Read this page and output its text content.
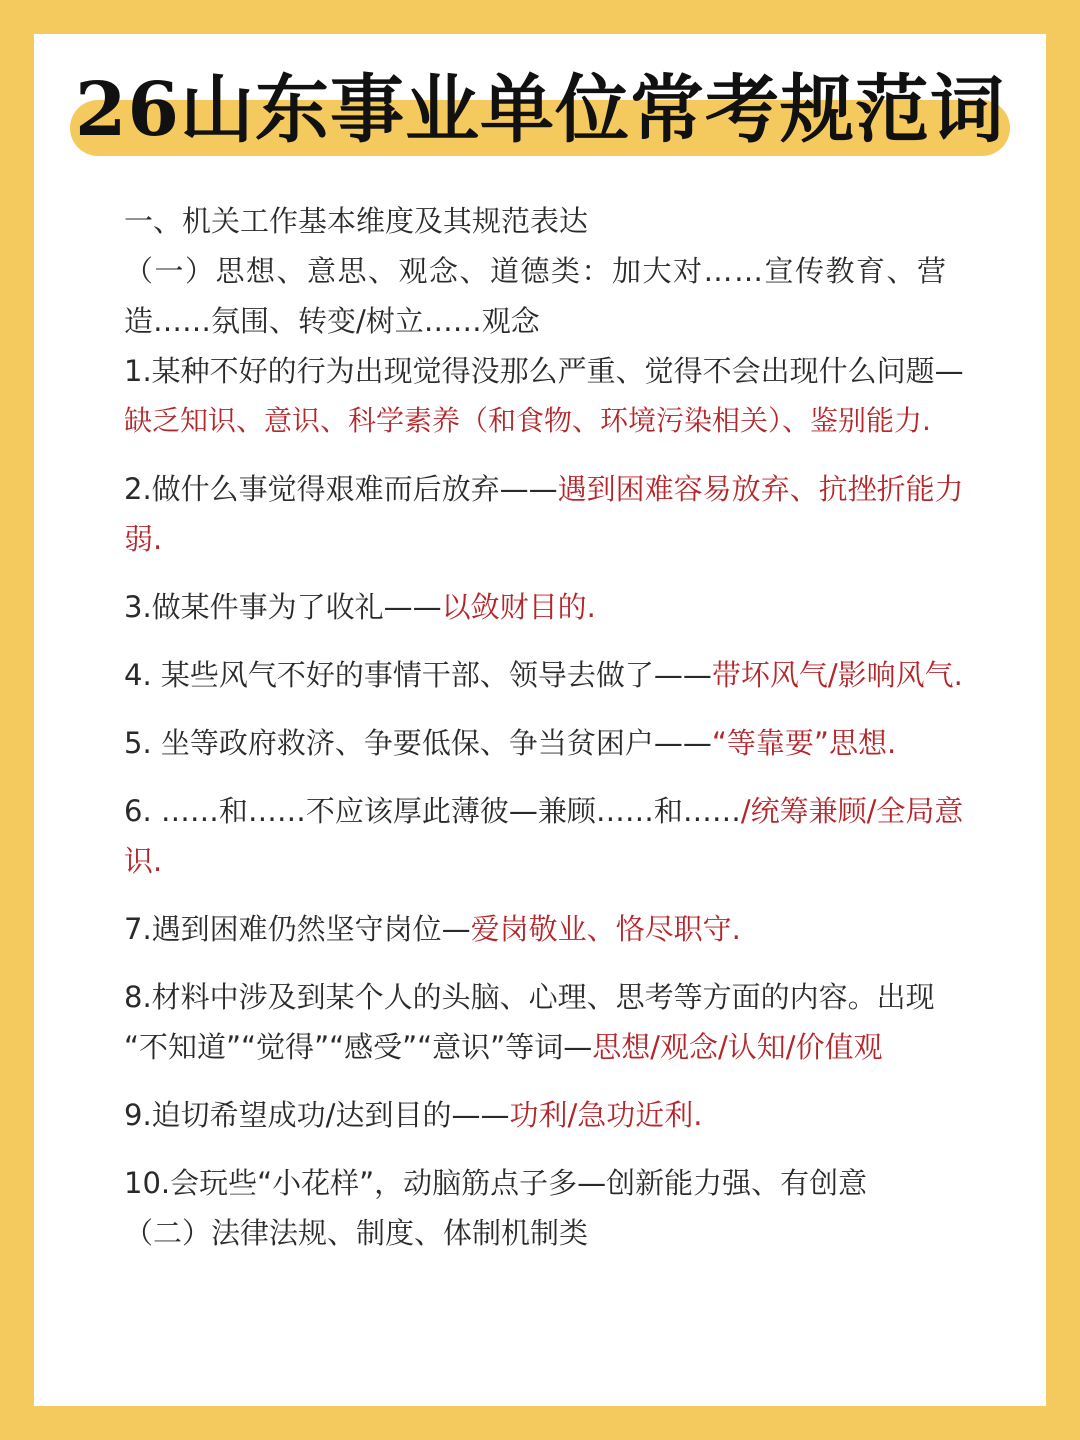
26山东事业单位常考规范词
一、机关工作基本维度及其规范表达
（一）思想、意思、观念、道德类：加大对……宣传教育、营
造……氛围、转变/树立……观念
1.某种不好的行为出现觉得没那么严重、觉得不会出现什么问题—
缺乏知识、意识、科学素养（和食物、环境污染相关）、鉴别能力.
2.做什么事觉得艰难而后放弃——遇到困难容易放弃、抗挫折能力
弱.
3.做某件事为了收礼——以敛财目的.
4. 某些风气不好的事情干部、领导去做了——带坏风气/影响风气.
5. 坐等政府救济、争要低保、争当贫困户——“等靠要”思想.
6. ……和……不应该厚此薄彼—兼顾……和……/统筹兼顾/全局意
识.
7.遇到困难仍然坚守岗位—爱岗敬业、恪尽职守.
8.材料中涉及到某个人的头脑、心理、思考等方面的内容。出现
“不知道”“觉得”“感受”“意识”等词—思想/观念/认知/价值观
9.迫切希望成功/达到目的——功利/急功近利.
10.会玩些“小花样”，动脑筋点子多—创新能力强、有创意
（二）法律法规、制度、体制机制类
